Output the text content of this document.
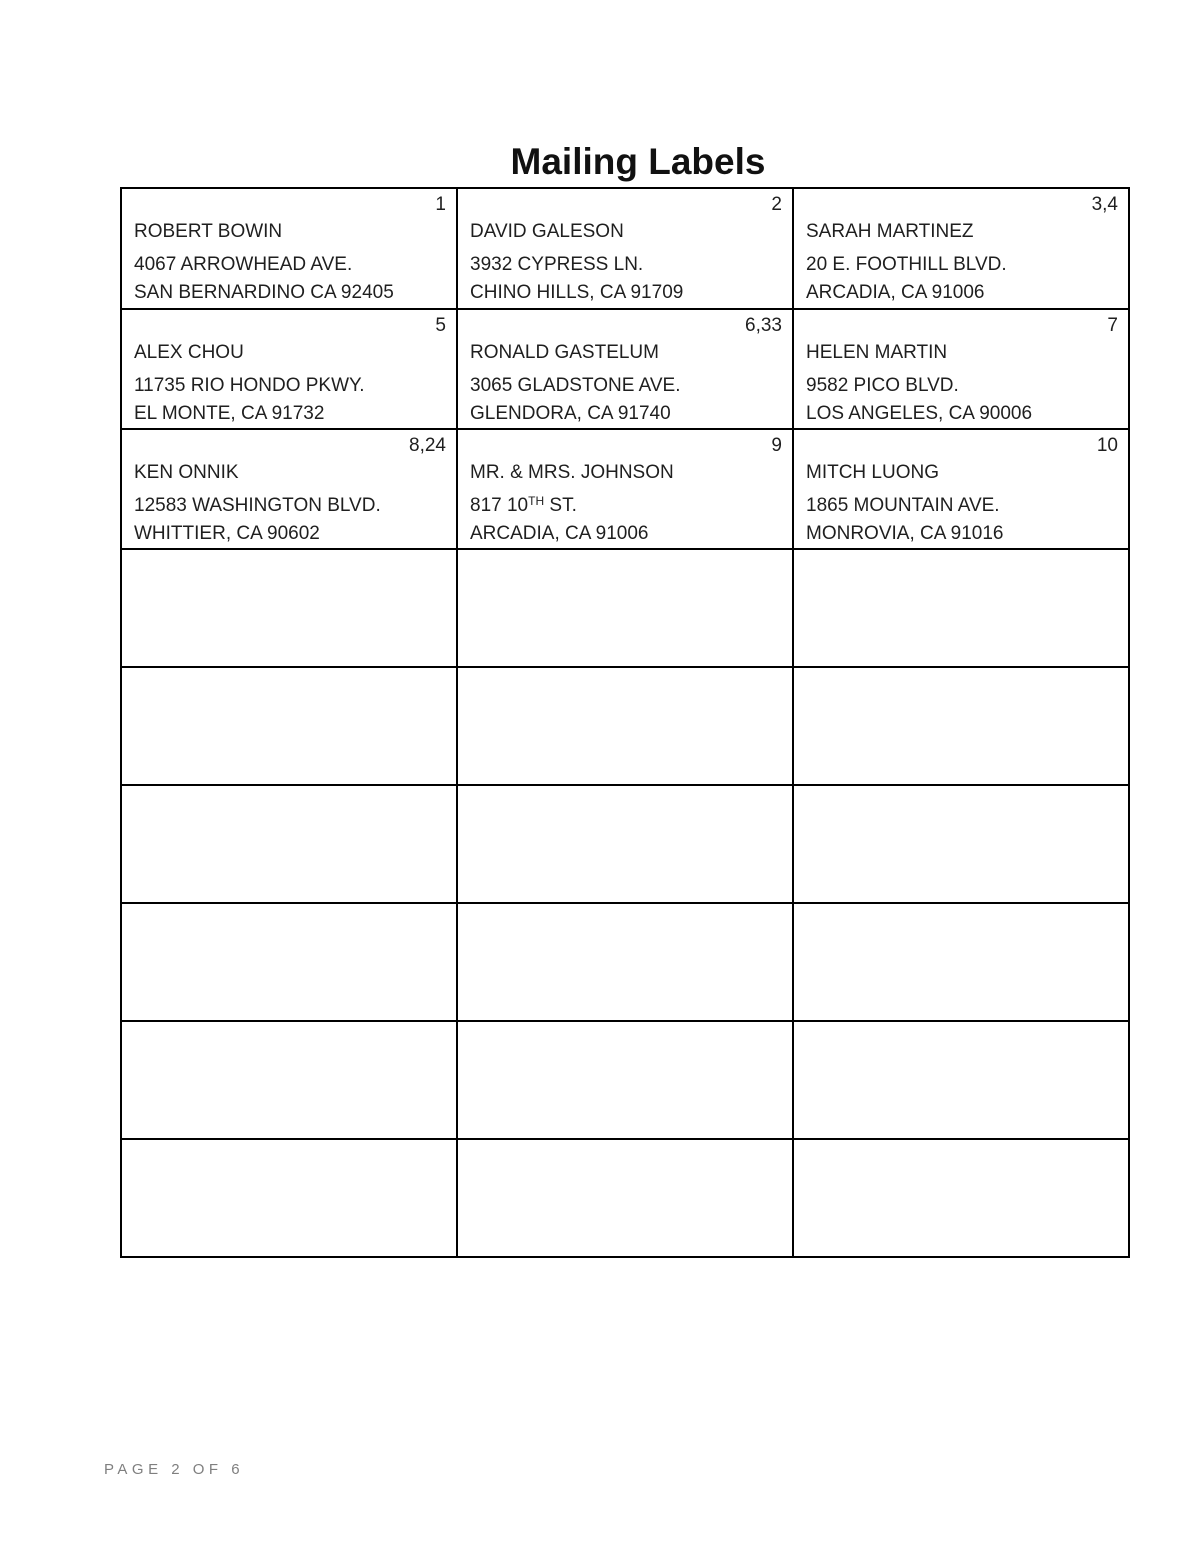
Mailing Labels
1
ROBERT BOWIN
4067 ARROWHEAD AVE.
SAN BERNARDINO CA 92405

2
DAVID GALESON
3932 CYPRESS LN.
CHINO HILLS, CA 91709

3,4
SARAH MARTINEZ
20 E. FOOTHILL BLVD.
ARCADIA, CA 91006

5
ALEX CHOU
11735 RIO HONDO PKWY.
EL MONTE, CA 91732

6,33
RONALD GASTELUM
3065 GLADSTONE AVE.
GLENDORA, CA 91740

7
HELEN MARTIN
9582 PICO BLVD.
LOS ANGELES, CA 90006

8,24
KEN ONNIK
12583 WASHINGTON BLVD.
WHITTIER, CA 90602

9
MR. & MRS. JOHNSON
817 10TH ST.
ARCADIA, CA 91006

10
MITCH LUONG
1865 MOUNTAIN AVE.
MONROVIA, CA 91016

PAGE 2 OF 6
